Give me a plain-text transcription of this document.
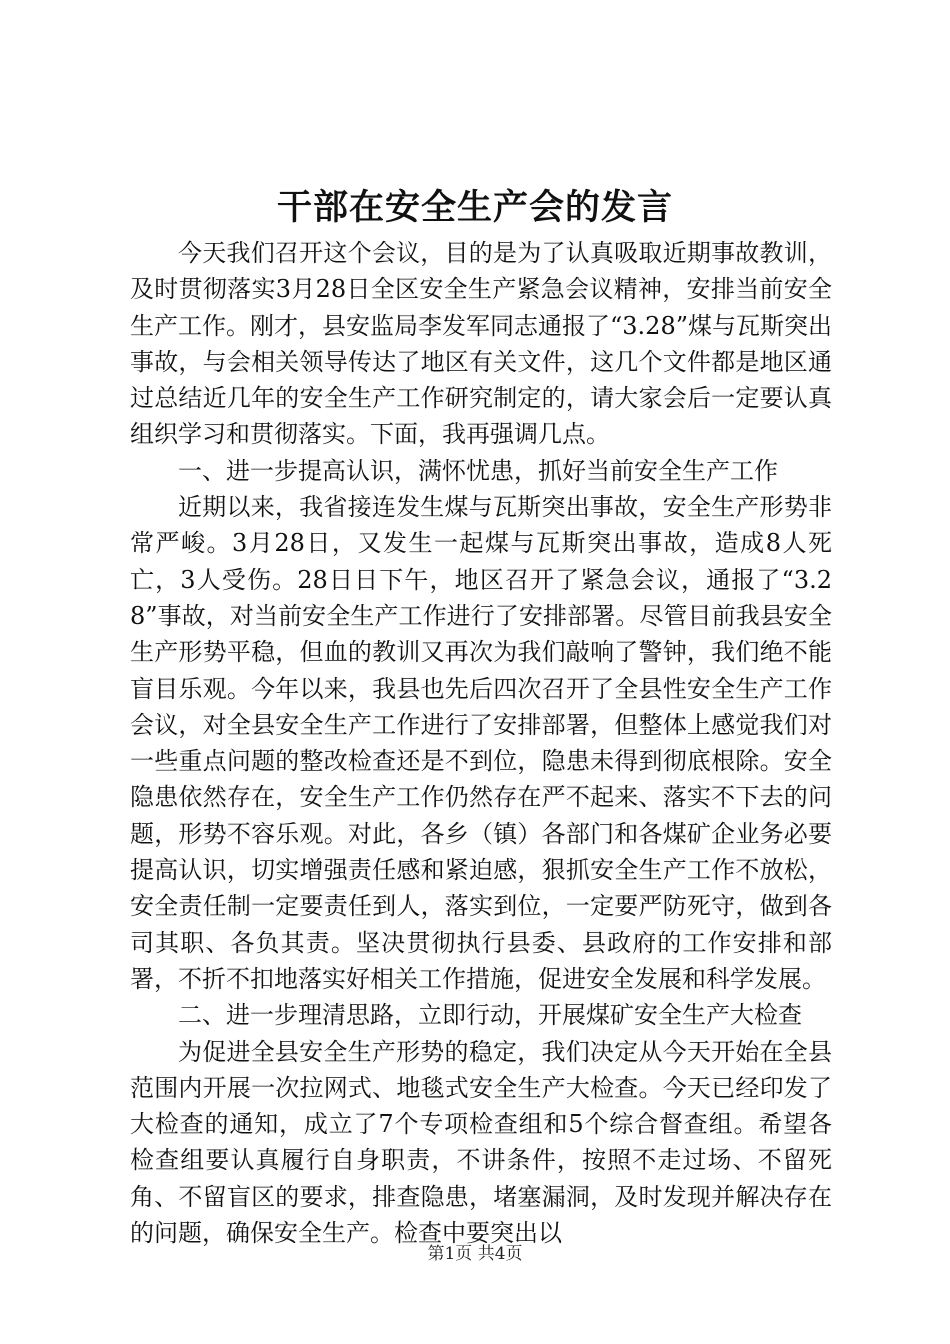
干部在安全生产会的发言

今天我们召开这个会议，目的是为了认真吸取近期事故教训，及时贯彻落实3月28日全区安全生产紧急会议精神，安排当前安全生产工作。刚才，县安监局李发军同志通报了“3.28”煤与瓦斯突出事故，与会相关领导传达了地区有关文件，这几个文件都是地区通过总结近几年的安全生产工作研究制定的，请大家会后一定要认真组织学习和贯彻落实。下面，我再强调几点。

一、进一步提高认识，满怀忧患，抓好当前安全生产工作

近期以来，我省接连发生煤与瓦斯突出事故，安全生产形势非常严峻。3月28日，又发生一起煤与瓦斯突出事故，造成8人死亡，3人受伤。28日日下午，地区召开了紧急会议，通报了“3.28”事故，对当前安全生产工作进行了安排部署。尽管目前我县安全生产形势平稳，但血的教训又再次为我们敲响了警钟，我们绝不能盲目乐观。今年以来，我县也先后四次召开了全县性安全生产工作会议，对全县安全生产工作进行了安排部署，但整体上感觉我们对一些重点问题的整改检查还是不到位，隐患未得到彻底根除。安全隐患依然存在，安全生产工作仍然存在严不起来、落实不下去的问题，形势不容乐观。对此，各乡（镇）各部门和各煤矿企业务必要提高认识，切实增强责任感和紧迫感，狠抓安全生产工作不放松，安全责任制一定要责任到人，落实到位，一定要严防死守，做到各司其职、各负其责。坚决贯彻执行县委、县政府的工作安排和部署，不折不扣地落实好相关工作措施，促进安全发展和科学发展。

二、进一步理清思路，立即行动，开展煤矿安全生产大检查

为促进全县安全生产形势的稳定，我们决定从今天开始在全县范围内开展一次拉网式、地毯式安全生产大检查。今天已经印发了大检查的通知，成立了7个专项检查组和5个综合督查组。希望各检查组要认真履行自身职责，不讲条件，按照不走过场、不留死角、不留盲区的要求，排查隐患，堵塞漏洞，及时发现并解决存在的问题，确保安全生产。检查中要突出以

第1页 共4页
